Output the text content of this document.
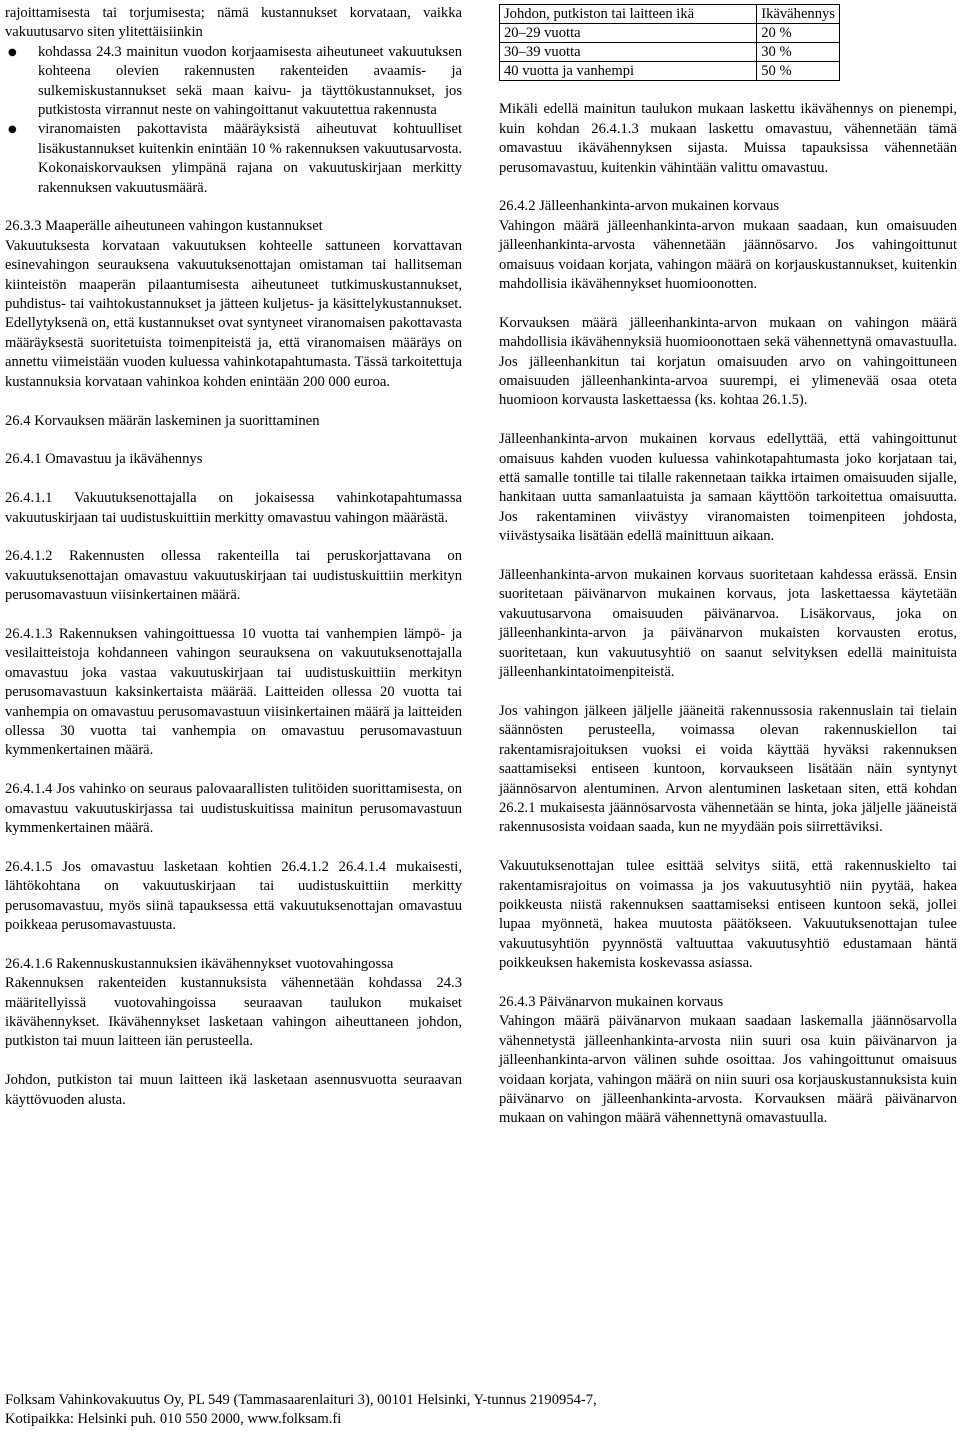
rajoittamisesta tai torjumisesta; nämä kustannukset korvataan, vaikka vakuutusarvo siten ylitettäisiinkin

● kohdassa 24.3 mainitun vuodon korjaamisesta aiheutuneet vakuutuksen kohteena olevien rakennusten rakenteiden avaamis- ja sulkemiskustannukset sekä maan kaivu- ja täyttökustannukset, jos putkistosta virrannut neste on vahingoittanut vakuutettua rakennusta
● viranomaisten pakottavista määräyksistä aiheutuvat kohtuulliset lisäkustannukset kuitenkin enintään 10 % rakennuksen vakuutusarvosta. Kokonaiskorvauksen ylimpänä rajana on vakuutuskirjaan merkitty rakennuksen vakuutusmäärä.

26.3.3 Maaperälle aiheutuneen vahingon kustannukset

Vakuutuksesta korvataan vakuutuksen kohteelle sattuneen korvattavan esinevahingon seurauksena vakuutuksenottajan omistaman tai hallitseman kiinteistön maaperän pilaantumisesta aiheutuneet tutkimuskustannukset, puhdistus- tai vaihtokustannukset ja jätteen kuljetus- ja käsittelykustannukset. Edellytyksenä on, että kustannukset ovat syntyneet viranomaisen pakottavasta määräyksestä suoritetuista toimenpiteistä ja, että viranomaisen määräys on annettu viimeistään vuoden kuluessa vahinkotapahtumasta. Tässä tarkoitettuja kustannuksia korvataan vahinkoa kohden enintään 200 000 euroa.

26.4 Korvauksen määrän laskeminen ja suorittaminen

26.4.1 Omavastuu ja ikävähennys

26.4.1.1 Vakuutuksenottajalla on jokaisessa vahinkotapahtumassa vakuutuskirjaan tai uudistuskuittiin merkitty omavastuu vahingon määrästä.

26.4.1.2 Rakennusten ollessa rakenteilla tai peruskorjattavana on vakuutuksenottajan omavastuu vakuutuskirjaan tai uudistuskuittiin merkityn perusomavastuun viisinkertainen määrä.

26.4.1.3 Rakennuksen vahingoittuessa 10 vuotta tai vanhempien lämpö- ja vesilaitteistoja kohdanneen vahingon seurauksena on vakuutuksenottajalla omavastuu joka vastaa vakuutuskirjaan tai uudistuskuittiin merkityn perusomavastuun kaksinkertaista määrää. Laitteiden ollessa 20 vuotta tai vanhempia on omavastuu perusomavastuun viisinkertainen määrä ja laitteiden ollessa 30 vuotta tai vanhempia on omavastuu perusomavastuun kymmenkertainen määrä.

26.4.1.4 Jos vahinko on seuraus palovaarallisten tulitöiden suorittamisesta, on omavastuu vakuutuskirjassa tai uudistuskuitissa mainitun perusomavastuun kymmenkertainen määrä.

26.4.1.5 Jos omavastuu lasketaan kohtien 26.4.1.2 26.4.1.4 mukaisesti, lähtökohtana on vakuutuskirjaan tai uudistuskuittiin merkitty perusomavastuu, myös siinä tapauksessa että vakuutuksenottajan omavastuu poikkeaa perusomavastuusta.

26.4.1.6 Rakennuskustannuksien ikävähennykset vuotovahingossa

Rakennuksen rakenteiden kustannuksista vähennetään kohdassa 24.3 määritellyissä vuotovahingoissa seuraavan taulukon mukaiset ikävähennykset. Ikävähennykset lasketaan vahingon aiheuttaneen johdon, putkiston tai muun laitteen iän perusteella.

Johdon, putkiston tai muun laitteen ikä lasketaan asennusvuotta seuraavan käyttövuoden alusta.

Johdon, putkiston tai laitteen ikä	Ikävähennys
20–29 vuotta	20 %
30–39 vuotta	30 %
40 vuotta ja vanhempi	50 %

Mikäli edellä mainitun taulukon mukaan laskettu ikävähennys on pienempi, kuin kohdan 26.4.1.3 mukaan laskettu omavastuu, vähennetään tämä omavastuu ikävähennyksen sijasta. Muissa tapauksissa vähennetään perusomavastuu, kuitenkin vähintään valittu omavastuu.

26.4.2 Jälleenhankinta-arvon mukainen korvaus

Vahingon määrä jälleenhankinta-arvon mukaan saadaan, kun omaisuuden jälleenhankinta-arvosta vähennetään jäännösarvo. Jos vahingoittunut omaisuus voidaan korjata, vahingon määrä on korjauskustannukset, kuitenkin mahdollisia ikävähennykset huomioonotten.

Korvauksen määrä jälleenhankinta-arvon mukaan on vahingon määrä mahdollisia ikävähennyksiä huomioonottaen sekä vähennettynä omavastuulla. Jos jälleenhankitun tai korjatun omaisuuden arvo on vahingoittuneen omaisuuden jälleenhankinta-arvoa suurempi, ei ylimenevää osaa oteta huomioon korvausta laskettaessa (ks. kohtaa 26.1.5).

Jälleenhankinta-arvon mukainen korvaus edellyttää, että vahingoittunut omaisuus kahden vuoden kuluessa vahinkotapahtumasta joko korjataan tai, että samalle tontille tai tilalle rakennetaan taikka irtaimen omaisuuden sijalle, hankitaan uutta samanlaatuista ja samaan käyttöön tarkoitettua omaisuutta. Jos rakentaminen viivästyy viranomaisten toimenpiteen johdosta, viivästysaika lisätään edellä mainittuun aikaan.

Jälleenhankinta-arvon mukainen korvaus suoritetaan kahdessa erässä. Ensin suoritetaan päivänarvon mukainen korvaus, jota laskettaessa käytetään vakuutusarvona omaisuuden päivänarvoa. Lisäkorvaus, joka on jälleenhankinta-arvon ja päivänarvon mukaisten korvausten erotus, suoritetaan, kun vakuutusyhtiö on saanut selvityksen edellä mainituista jälleenhankintatoimenpiteistä.

Jos vahingon jälkeen jäljelle jääneitä rakennussosia rakennuslain tai tielain säännösten perusteella, voimassa olevan rakennuskiellon tai rakentamisrajoituksen vuoksi ei voida käyttää hyväksi rakennuksen saattamiseksi entiseen kuntoon, korvaukseen lisätään näin syntynyt jäännösarvon alentuminen. Arvon alentuminen lasketaan siten, että kohdan 26.2.1 mukaisesta jäännösarvosta vähennetään se hinta, joka jäljelle jääneistä rakennusosista voidaan saada, kun ne myydään pois siirrettäviksi.

Vakuutuksenottajan tulee esittää selvitys siitä, että rakennuskielto tai rakentamisrajoitus on voimassa ja jos vakuutusyhtiö niin pyytää, hakea poikkeusta niistä rakennuksen saattamiseksi entiseen kuntoon sekä, jollei lupaa myönnetä, hakea muutosta päätökseen. Vakuutuksenottajan tulee vakuutusyhtiön pyynnöstä valtuuttaa vakuutusyhtiö edustamaan häntä poikkeuksen hakemista koskevassa asiassa.

26.4.3 Päivänarvon mukainen korvaus

Vahingon määrä päivänarvon mukaan saadaan laskemalla jäännösarvolla vähennetystä jälleenhankinta-arvosta niin suuri osa kuin päivänarvon ja jälleenhankinta-arvon välinen suhde osoittaa. Jos vahingoittunut omaisuus voidaan korjata, vahingon määrä on niin suuri osa korjauskustannuksista kuin päivänarvo on jälleenhankinta-arvosta. Korvauksen määrä päivänarvon mukaan on vahingon määrä vähennettynä omavastuulla.

Folksam Vahinkovakuutus Oy, PL 549 (Tammasaarenlaituri 3), 00101 Helsinki, Y-tunnus 2190954-7,
Kotipaikka: Helsinki puh. 010 550 2000, www.folksam.fi
